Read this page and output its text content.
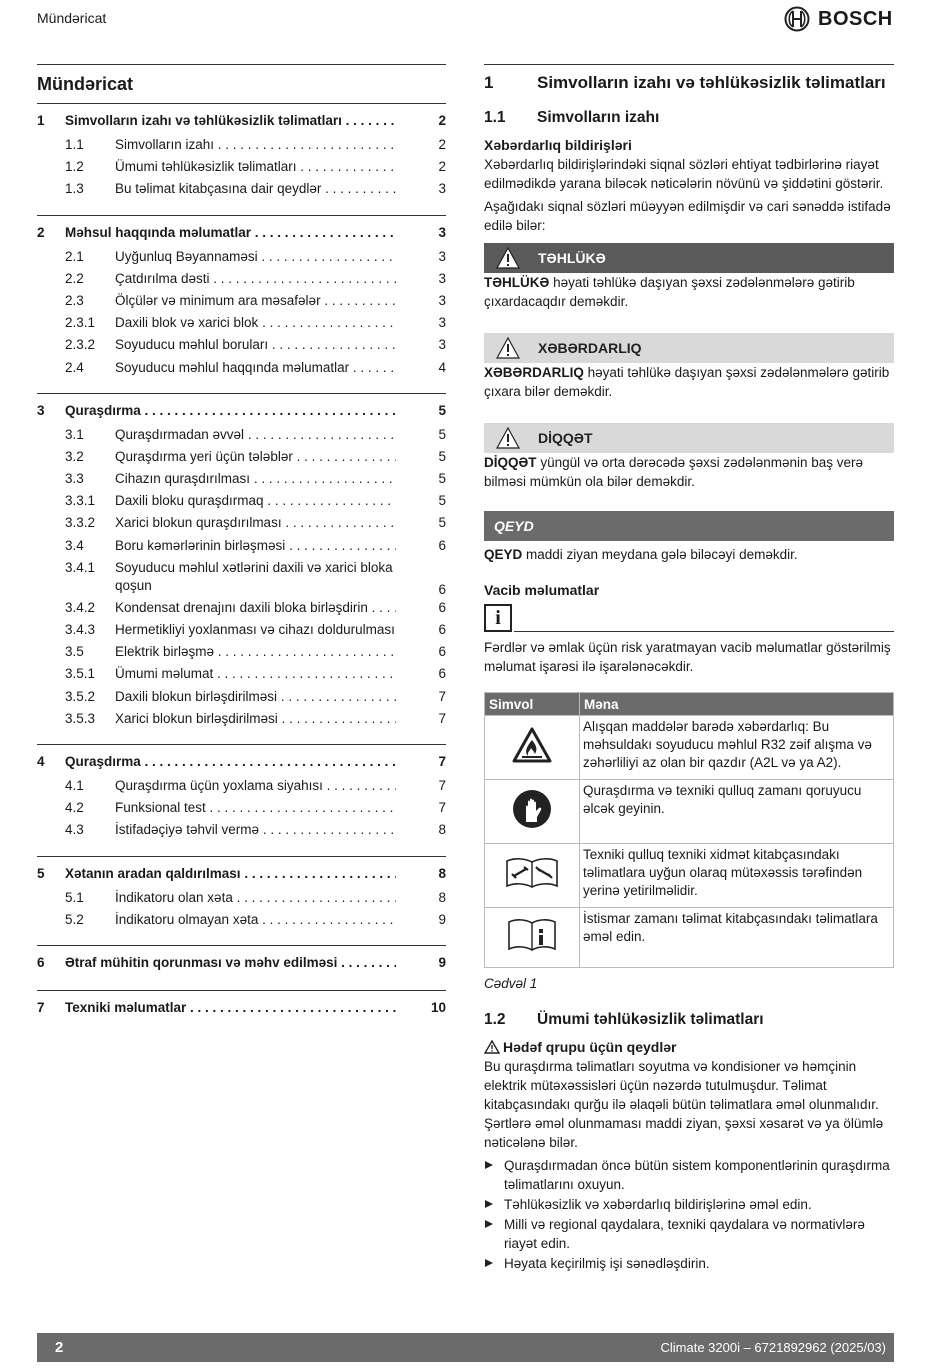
Mündəricat	BOSCH
Mündəricat
1	Simvolların izahı və təhlükəsizlik təlimatları . . .	2
1.1	Simvolların izahı . . .	2
1.2	Ümumi təhlükəsizlik təlimatları . . .	2
1.3	Bu təlimat kitabçasına dair qeydlər . . .	3
2	Məhsul haqqında məlumatlar . . .	3
2.1	Uyğunluq Bəyannaməsi . . .	3
2.2	Çatdırılma dəsti . . .	3
2.3	Ölçülər və minimum ara məsafələr . . .	3
2.3.1	Daxili blok və xarici blok . . .	3
2.3.2	Soyuducu məhlul boruları . . .	3
2.4	Soyuducu məhlul haqqında məlumatlar . . .	4
3	Quraşdırma . . .	5
3.1	Quraşdırmadan əvvəl . . .	5
3.2	Quraşdırma yeri üçün tələblər . . .	5
3.3	Cihazın quraşdırılması . . .	5
3.3.1	Daxili bloku quraşdırmaq . . .	5
3.3.2	Xarici blokun quraşdırılması . . .	5
3.4	Boru kəmərlərinin birləşməsi . . .	6
3.4.1	Soyuducu məhlul xətlərini daxili və xarici bloka qoşun	6
3.4.2	Kondensat drenajını daxili bloka birləşdirin . . .	6
3.4.3	Hermetikliyi yoxlanması və cihazı doldurulması . . .	6
3.5	Elektrik birləşmə . . .	6
3.5.1	Ümumi məlumat . . .	6
3.5.2	Daxili blokun birləşdirilməsi . . .	7
3.5.3	Xarici blokun birləşdirilməsi . . .	7
4	Quraşdırma . . .	7
4.1	Quraşdırma üçün yoxlama siyahısı . . .	7
4.2	Funksional test . . .	7
4.3	İstifadəçiyə təhvil vermə . . .	8
5	Xətanın aradan qaldırılması . . .	8
5.1	İndikatoru olan xəta . . .	8
5.2	İndikatoru olmayan xəta . . .	9
6	Ətraf mühitin qorunması və məhv edilməsi . . .	9
7	Texniki məlumatlar . . .	10
1	Simvolların izahı və təhlükəsizlik təlimatları
1.1	Simvolların izahı
Xəbərdarlıq bildirişləri

Xəbərdarlıq bildirişlərindəki siqnal sözləri ehtiyat tədbirlərinə riayət edilmədikdə yarana biləcək nəticələrin növünü və şiddətini göstərir.

Aşağıdakı siqnal sözləri müəyyən edilmişdir və cari sənəddə istifadə edilə bilər:

TƏHLÜKƏ

TƏHLÜKƏ həyati təhlükə daşıyan şəxsi zədələnmələrə gətirib çıxardacaqdır deməkdir.

XƏBƏRDARLIQ

XƏBƏRDARLIQ həyati təhlükə daşıyan şəxsi zədələnmələrə gətirib çıxara bilər deməkdir.

DİQQƏT

DİQQƏT yüngül və orta dərəcədə şəxsi zədələnmənin baş verə bilməsi mümkün ola bilər deməkdir.

QEYD

QEYD maddi ziyan meydana gələ biləcəyi deməkdir.

Vacib məlumatlar
i

Fərdlər və əmlak üçün risk yaratmayan vacib məlumatlar göstərilmiş məlumat işarəsi ilə işarələnəcəkdir.

Simvol	Məna
	Alışqan maddələr barədə xəbərdarlıq: Bu məhsuldakı soyuducu məhlul R32 zəif alışma və zəhərliliyi az olan bir qazdır (A2L və ya A2).
	Quraşdırma və texniki qulluq zamanı qoruyucu əlcək geyinin.
	Texniki qulluq texniki xidmət kitabçasındakı təlimatlara uyğun olaraq mütəxəssis tərəfindən yerinə yetirilməlidir.
	İstismar zamanı təlimat kitabçasındakı təlimatlara əməl edin.
Cədvəl 1
1.2	Ümumi təhlükəsizlik təlimatları
Hədəf qrupu üçün qeydlər

Bu quraşdırma təlimatları soyutma və kondisioner və həmçinin elektrik mütəxəssisləri üçün nəzərdə tutulmuşdur. Təlimat kitabçasındakı qurğu ilə əlaqəli bütün təlimatlara əməl olunmalıdır. Şərtlərə əməl olunmaması maddi ziyan, şəxsi xəsarət və ya ölümlə nəticələnə bilər.

Quraşdırmadan öncə bütün sistem komponentlərinin quraşdırma təlimatlarını oxuyun.
Təhlükəsizlik və xəbərdarlıq bildirişlərinə əməl edin.
Milli və regional qaydalara, texniki qaydalara və normativlərə riayət edin.
Həyata keçirilmiş işi sənədləşdirin.
2	Climate 3200i – 6721892962 (2025/03)
